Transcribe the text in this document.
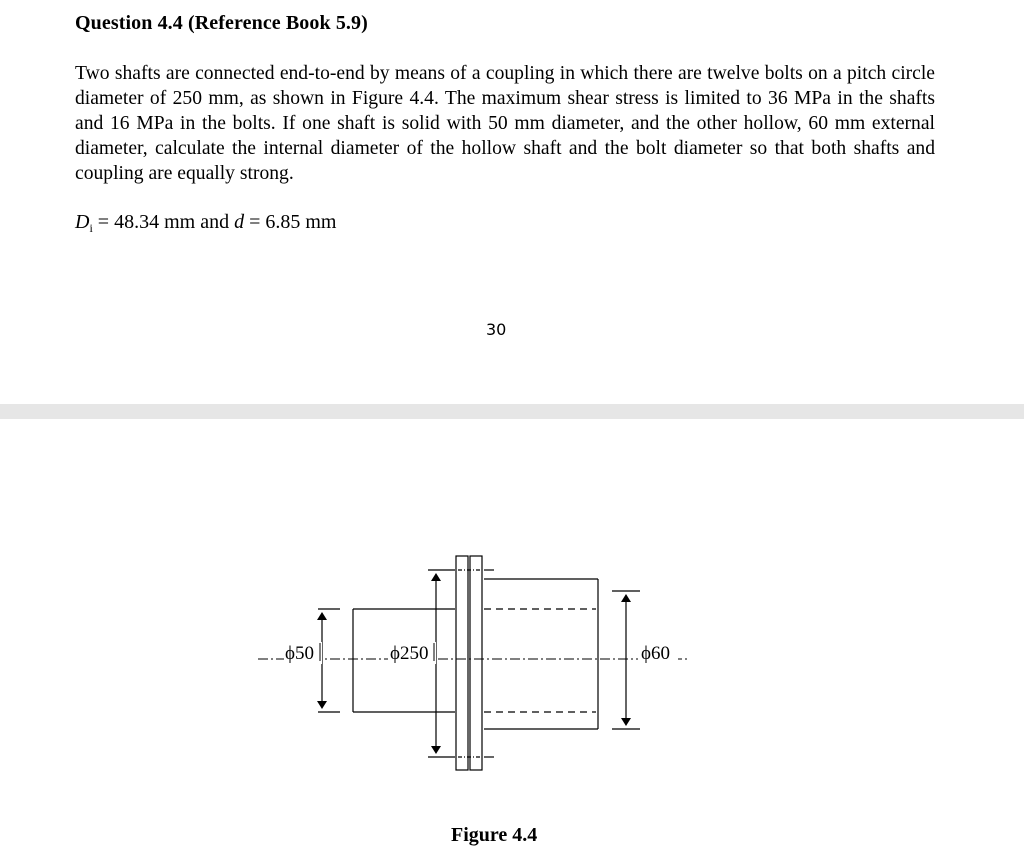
Question 4.4 (Reference Book 5.9)
Two shafts are connected end-to-end by means of a coupling in which there are twelve bolts on a pitch circle diameter of 250 mm, as shown in Figure 4.4. The maximum shear stress is limited to 36 MPa in the shafts and 16 MPa in the bolts. If one shaft is solid with 50 mm diameter, and the other hollow, 60 mm external diameter, calculate the internal diameter of the hollow shaft and the bolt diameter so that both shafts and coupling are equally strong.
$D_i = 48.34$ mm and d = 6.85 mm
30
ϕ50	ϕ250	ϕ60
Figure 4.4
